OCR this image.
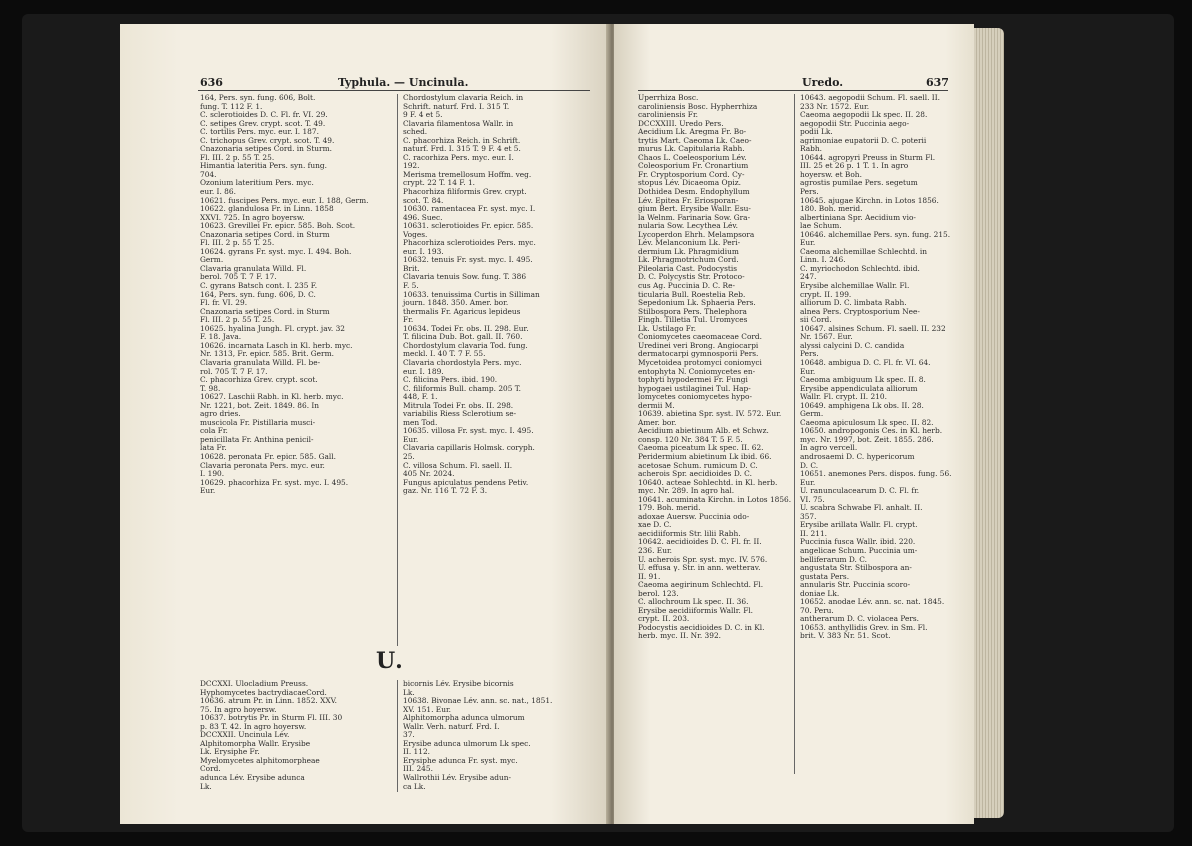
636	Typhula. — Uncinula.
164, Pers. syn. fung. 606, Bolt.
fung. T. 112 F. 1.
C. sclerotioides D. C. Fl. fr. VI. 29.
C. setipes Grev. crypt. scot. T. 49.
C. tortilis Pers. myc. eur. I. 187.
C. trichopus Grev. crypt. scot. T. 49.
Cnazonaria setipes Cord. in Sturm.
Fl. III. 2 p. 55 T. 25.
Himantia lateritia Pers. syn. fung.
704.
Ozonium lateritium Pers. myc.
eur. I. 86.
10621. fuscipes Pers. myc. eur. I. 188, Germ.
10622. glandulosa Fr. in Linn. 1858
XXVI. 725. In agro boyersw.
10623. Grevillei Fr. epicr. 585. Boh. Scot.
Cnazonaria setipes Cord. in Sturm
Fl. III. 2 p. 55 T. 25.
10624. gyrans Fr. syst. myc. I. 494. Boh.
Germ.
Clavaria granulata Willd. Fl.
berol. 705 T. 7 F. 17.
C. gyrans Batsch cont. I. 235 F.
164, Pers. syn. fung. 606, D. C.
Fl. fr. VI. 29.
Cnazonaria setipes Cord. in Sturm
Fl. III. 2 p. 55 T. 25.
10625. hyalina Jungh. Fl. crypt. jav. 32
F. 18. Java.
10626. incarnata Lasch in Kl. herb. myc.
Nr. 1313, Fr. epicr. 585. Brit. Germ.
Clavaria granulata Willd. Fl. be-
rol. 705 T. 7 F. 17.
C. phacorhiza Grev. crypt. scot.
T. 98.
10627. Laschii Rabh. in Kl. herb. myc.
Nr. 1221, bot. Zeit. 1849. 86. In
agro dries.
muscicola Fr. Pistillaria musci-
cola Fr.
penicillata Fr. Anthina penicil-
lata Fr.
10628. peronata Fr. epicr. 585. Gall.
Clavaria peronata Pers. myc. eur.
I. 190.
10629. phacorhiza Fr. syst. myc. I. 495.
Eur.
Chordostylum clavaria Reich. in
Schrift. naturf. Frd. I. 315 T.
9 F. 4 et 5.
Clavaria filamentosa Wallr. in
sched.
C. phacorhiza Reich. in Schrift.
naturf. Frd. I. 315 T. 9 F. 4 et 5.
C. racorhiza Pers. myc. eur. I.
192.
Merisma tremellosum Hoffm. veg.
crypt. 22 T. 14 F. 1.
Phacorhiza filiformis Grev. crypt.
scot. T. 84.
10630. ramentacea Fr. syst. myc. I.
496. Suec.
10631. sclerotioides Fr. epicr. 585.
Voges.
Phacorhiza sclerotioides Pers. myc.
eur. I. 193.
10632. tenuis Fr. syst. myc. I. 495.
Brit.
Clavaria tenuis Sow. fung. T. 386
F. 5.
10633. tenuissima Curtis in Silliman
journ. 1848. 350. Amer. bor.
thermalis Fr. Agaricus lepideus
Fr.
10634. Todei Fr. obs. II. 298. Eur.
T. filicina Dub. Bot. gall. II. 760.
Chordostylum clavaria Tod. fung.
meckl. I. 40 T. 7 F. 55.
Clavaria chordostyla Pers. myc.
eur. I. 189.
C. filicina Pers. ibid. 190.
C. filiformis Bull. champ. 205 T.
448, F. 1.
Mitrula Todei Fr. obs. II. 298.
variabilis Riess Sclerotium se-
men Tod.
10635. villosa Fr. syst. myc. I. 495.
Eur.
Clavaria capillaris Holmsk. coryph.
25.
C. villosa Schum. Fl. saell. II.
405 Nr. 2024.
Fungus apiculatus pendens Petiv.
gaz. Nr. 116 T. 72 F. 3.
U.
DCCXXI. Ulocladium Preuss.
Hyphomycetes bactrydiacaeCord.
10636. atrum Pr. in Linn. 1852. XXV.
75. In agro hoyersw.
10637. botrytis Pr. in Sturm Fl. III. 30
p. 83 T. 42. In agro hoyersw.
DCCXXII. Uncinula Lév.
Alphitomorpha Wallr. Erysibe
Lk. Erysiphe Fr.
Myelomycetes alphitomorpheae
Cord.
adunca Lév. Erysibe adunca
Lk.
bicornis Lév. Erysibe bicornis
Lk.
10638. Bivonae Lév. ann. sc. nat., 1851.
XV. 151. Eur.
Alphitomorpha adunca ulmorum
Wallr. Verh. naturf. Frd. I.
37.
Erysibe adunca ulmorum Lk spec.
II. 112.
Erysiphe adunca Fr. syst. myc.
III. 245.
Wallrothii Lév. Erysibe adun-
ca Lk.
Uredo.	637
Uperrhiza Bosc.
caroliniensis Bosc. Hypherrhiza
caroliniensis Fr.
DCCXXIII. Uredo Pers.
Aecidium Lk. Aregma Fr. Bo-
trytis Mart. Caeoma Lk. Caeo-
murus Lk. Capitularia Rabh.
Chaos L. Coeleosporium Lév.
Coleosporium Fr. Cronartium
Fr. Cryptosporium Cord. Cy-
stopus Lév. Dicaeoma Opiz.
Dothidea Desm. Endophyllum
Lév. Epitea Fr. Eriosporan-
gium Bert. Erysibe Wallr. Esu-
la Welnm. Farinaria Sow. Gra-
nularia Sow. Lecythea Lév.
Lycoperdon Ehrh. Melampsora
Lév. Melanconium Lk. Peri-
dermium Lk. Phragmidium
Lk. Phragmotrichum Cord.
Pileolaria Cast. Podocystis
D. C. Polycystis Str. Protoco-
cus Ag. Puccinia D. C. Re-
ticularia Bull. Roestelia Reb.
Sepedonium Lk. Sphaeria Pers.
Stilbospora Pers. Thelephora
Fingh. Tilletia Tul. Uromyces
Lk. Ustilago Fr.
Coniomycetes caeomaceae Cord.
Uredinei veri Brong. Angiocarpi
dermatocarpi gymnosporii Pers.
Mycetoidea protomyci coniomyci
entophyta N. Coniomycetes en-
tophyti hypodermei Fr. Fungi
hypogaei ustilaginei Tul. Hap-
lomycetes coniomycetes hypo-
dermii M.
10639. abietina Spr. syst. IV. 572. Eur.
Amer. bor.
Aecidium abietinum Alb. et Schwz.
consp. 120 Nr. 384 T. 5 F. 5.
Caeoma piceatum Lk spec. II. 62.
Peridermium abietinum Lk ibid. 66.
acetosae Schum. rumicum D. C.
acherois Spr. aecidioides D. C.
10640. acteae Sohlechtd. in Kl. herb.
myc. Nr. 289. In agro hal.
10641. acuminata Kirchn. in Lotos 1856.
179. Boh. merid.
adoxae Auersw. Puccinia odo-
xae D. C.
aecidiiformis Str. lilii Rabh.
10642. aecidioides D. C. Fl. fr. II.
236. Eur.
U. acherois Spr. syst. myc. IV. 576.
U. effusa γ. Str. in ann. wetterav.
II. 91.
Caeoma aegirinum Schlechtd. Fl.
berol. 123.
C. allochroum Lk spec. II. 36.
Erysibe aecidiiformis Wallr. Fl.
crypt. II. 203.
Podocystis aecidioides D. C. in Kl.
herb. myc. II. Nr. 392.
10643. aegopodii Schum. Fl. saell. II.
233 Nr. 1572. Eur.
Caeoma aegopodii Lk spec. II. 28.
aegopodii Str. Puccinia aego-
podii Lk.
agrimoniae eupatorii D. C. poterii
Rabh.
10644. agropyri Preuss in Sturm Fl.
III. 25 et 26 p. 1 T. 1. In agro
hoyersw. et Boh.
agrostis pumilae Pers. segetum
Pers.
10645. ajugae Kirchn. in Lotos 1856.
180. Boh. merid.
albertiniana Spr. Aecidium vio-
lae Schum.
10646. alchemillae Pers. syn. fung. 215.
Eur.
Caeoma alchemillae Schlechtd. in
Linn. I. 246.
C. myriochodon Schlechtd. ibid.
247.
Erysibe alchemillae Wallr. Fl.
crypt. II. 199.
alliorum D. C. limbata Rabh.
alnea Pers. Cryptosporium Nee-
sii Cord.
10647. alsines Schum. Fl. saell. II. 232
Nr. 1567. Eur.
alyssi calycini D. C. candida
Pers.
10648. ambigua D. C. Fl. fr. VI. 64.
Eur.
Caeoma ambiguum Lk spec. II. 8.
Erysibe appendiculata alliorum
Wallr. Fl. crypt. II. 210.
10649. amphigena Lk obs. II. 28.
Germ.
Caeoma apiculosum Lk spec. II. 82.
10650. andropogonis Ces. in Kl. herb.
myc. Nr. 1997, bot. Zeit. 1855. 286.
In agro vercell.
androsaemi D. C. hypericorum
D. C.
10651. anemones Pers. dispos. fung. 56.
Eur.
U. ranunculacearum D. C. Fl. fr.
VI. 75.
U. scabra Schwabe Fl. anhalt. II.
357.
Erysibe arillata Wallr. Fl. crypt.
II. 211.
Puccinia fusca Wallr. ibid. 220.
angelicae Schum. Puccinia um-
belliferarum D. C.
angustata Str. Stilbospora an-
gustata Pers.
annularis Str. Puccinia scoro-
doniae Lk.
10652. anodae Lév. ann. sc. nat. 1845.
70. Peru.
antherarum D. C. violacea Pers.
10653. anthyllidis Grev. in Sm. Fl.
brit. V. 383 Nr. 51. Scot.
